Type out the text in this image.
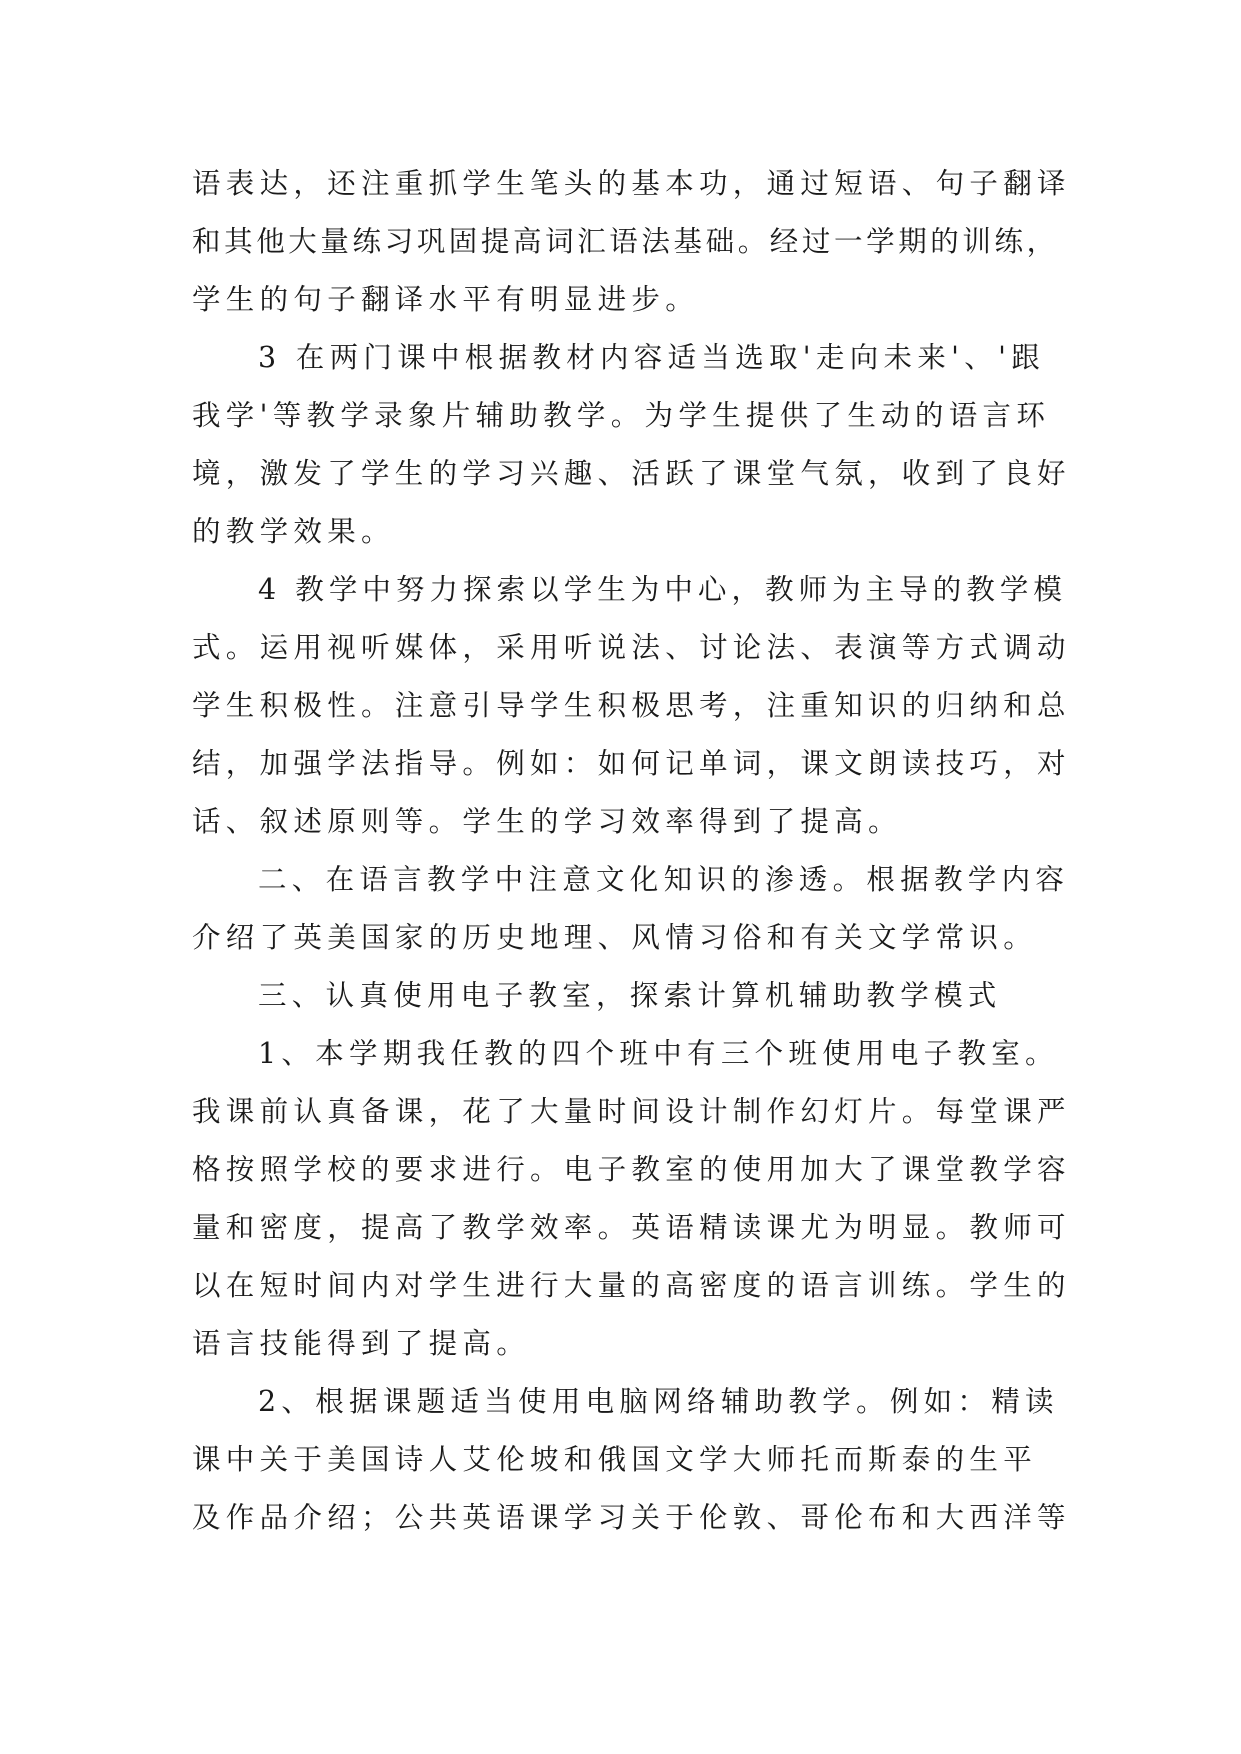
语表达，还注重抓学生笔头的基本功，通过短语、句子翻译
和其他大量练习巩固提高词汇语法基础。经过一学期的训练，
学生的句子翻译水平有明显进步。
3 在两门课中根据教材内容适当选取'走向未来'、'跟
我学'等教学录象片辅助教学。为学生提供了生动的语言环
境，激发了学生的学习兴趣、活跃了课堂气氛，收到了良好
的教学效果。
4 教学中努力探索以学生为中心，教师为主导的教学模
式。运用视听媒体，采用听说法、讨论法、表演等方式调动
学生积极性。注意引导学生积极思考，注重知识的归纳和总
结，加强学法指导。例如：如何记单词，课文朗读技巧，对
话、叙述原则等。学生的学习效率得到了提高。
二、在语言教学中注意文化知识的渗透。根据教学内容
介绍了英美国家的历史地理、风情习俗和有关文学常识。
三、认真使用电子教室，探索计算机辅助教学模式
1、本学期我任教的四个班中有三个班使用电子教室。
我课前认真备课，花了大量时间设计制作幻灯片。每堂课严
格按照学校的要求进行。电子教室的使用加大了课堂教学容
量和密度，提高了教学效率。英语精读课尤为明显。教师可
以在短时间内对学生进行大量的高密度的语言训练。学生的
语言技能得到了提高。
2、根据课题适当使用电脑网络辅助教学。例如：精读
课中关于美国诗人艾伦坡和俄国文学大师托而斯泰的生平
及作品介绍；公共英语课学习关于伦敦、哥伦布和大西洋等
